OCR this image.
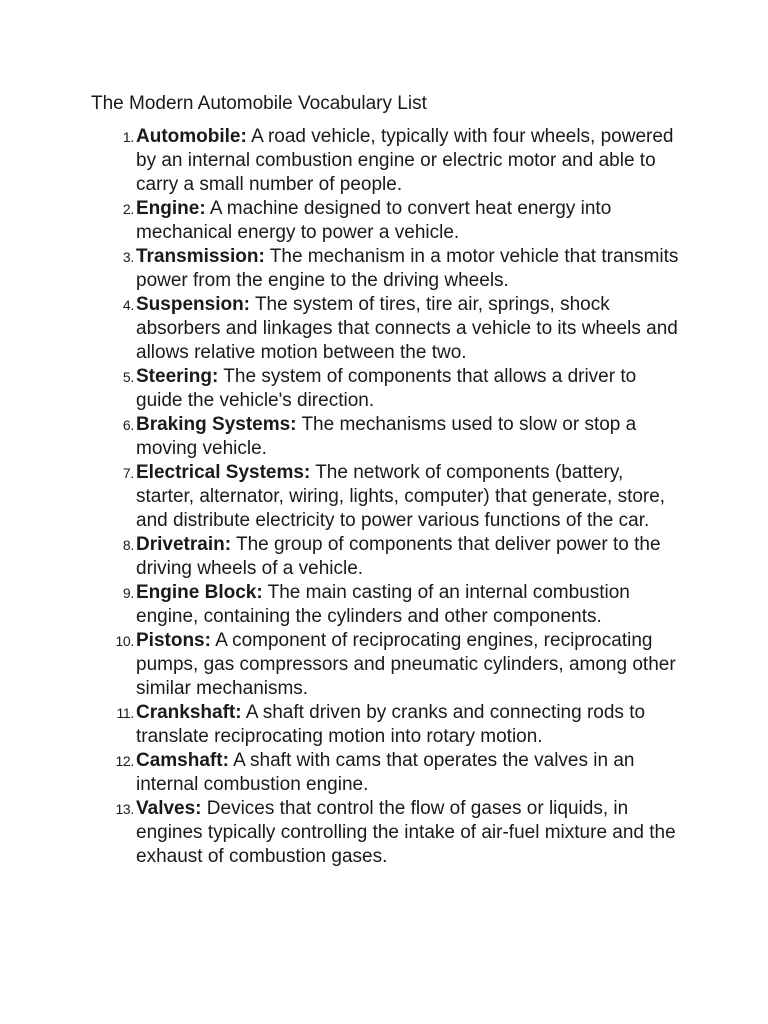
The Modern Automobile Vocabulary List
1. Automobile: A road vehicle, typically with four wheels, powered by an internal combustion engine or electric motor and able to carry a small number of people.
2. Engine: A machine designed to convert heat energy into mechanical energy to power a vehicle.
3. Transmission: The mechanism in a motor vehicle that transmits power from the engine to the driving wheels.
4. Suspension: The system of tires, tire air, springs, shock absorbers and linkages that connects a vehicle to its wheels and allows relative motion between the two.
5. Steering: The system of components that allows a driver to guide the vehicle's direction.
6. Braking Systems: The mechanisms used to slow or stop a moving vehicle.
7. Electrical Systems: The network of components (battery, starter, alternator, wiring, lights, computer) that generate, store, and distribute electricity to power various functions of the car.
8. Drivetrain: The group of components that deliver power to the driving wheels of a vehicle.
9. Engine Block: The main casting of an internal combustion engine, containing the cylinders and other components.
10. Pistons: A component of reciprocating engines, reciprocating pumps, gas compressors and pneumatic cylinders, among other similar mechanisms.
11. Crankshaft: A shaft driven by cranks and connecting rods to translate reciprocating motion into rotary motion.
12. Camshaft: A shaft with cams that operates the valves in an internal combustion engine.
13. Valves: Devices that control the flow of gases or liquids, in engines typically controlling the intake of air-fuel mixture and the exhaust of combustion gases.
